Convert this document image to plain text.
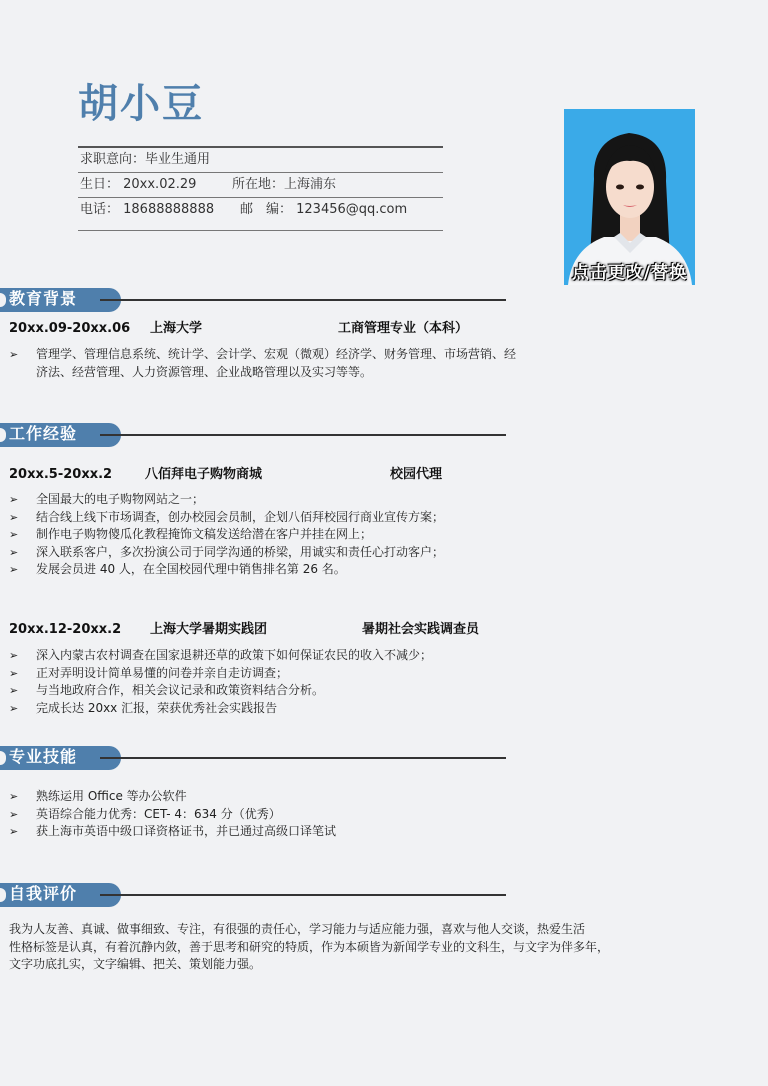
胡小豆
求职意向：毕业生通用
生日： 20xx.02.29	所在地：上海浦东
电话： 18688888888 邮　编： 123456@qq.com
点击更改/替换
教育背景
20xx.09-20xx.06 上海大学	工商管理专业（本科）
➢ 管理学、管理信息系统、统计学、会计学、宏观（微观）经济学、财务管理、市场营销、经
济法、经营管理、人力资源管理、企业战略管理以及实习等等。
工作经验
20xx.5-20xx.2	八佰拜电子购物商城	校园代理
➢ 全国最大的电子购物网站之一；
➢ 结合线上线下市场调查，创办校园会员制，企划八佰拜校园行商业宣传方案；
➢ 制作电子购物傻瓜化教程掩饰文稿发送给潜在客户并挂在网上；
➢ 深入联系客户，多次扮演公司于同学沟通的桥梁，用诚实和责任心打动客户；
➢ 发展会员进 40 人，在全国校园代理中销售排名第 26 名。
20xx.12-20xx.2 上海大学暑期实践团	暑期社会实践调查员
➢ 深入内蒙古农村调查在国家退耕还草的政策下如何保证农民的收入不减少；
➢ 正对弄明设计简单易懂的问卷并亲自走访调查；
➢ 与当地政府合作，相关会议记录和政策资料结合分析。
➢ 完成长达 20xx 汇报，荣获优秀社会实践报告
专业技能
➢ 熟练运用 Office 等办公软件
➢ 英语综合能力优秀：CET- 4：634 分（优秀）
➢ 获上海市英语中级口译资格证书，并已通过高级口译笔试
自我评价

我为人友善、真诚、做事细致、专注，有很强的责任心，学习能力与适应能力强，喜欢与他人交谈，热爱生活

性格标签是认真，有着沉静内敛，善于思考和研究的特质，作为本硕皆为新闻学专业的文科生，与文字为伴多年，

文字功底扎实，文字编辑、把关、策划能力强。
